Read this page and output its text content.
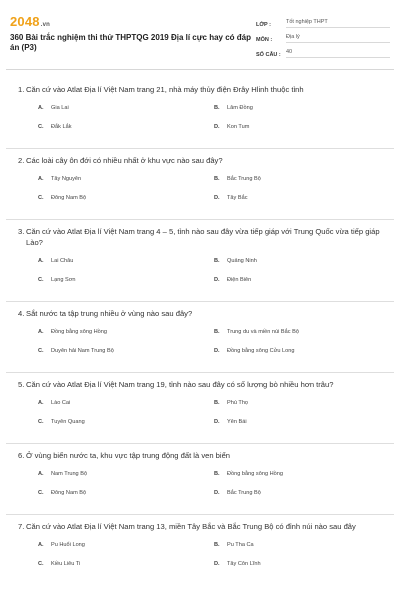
2048.vn
360 Bài trắc nghiệm thi thử THPTQG 2019 Địa lí cực hay có đáp án (P3)
LỚP :	Tốt nghiệp THPT
MÔN :	Địa lý
SỐ CÂU : 40
1. Căn cứ vào Atlat Địa lí Việt Nam trang 21, nhà máy thủy điện Đrây Hlinh thuộc tỉnh
A.	Gia Lai	B.	Lâm Đồng
C.	Đắk Lắk	D.	Kon Tum
2. Các loài cây ôn đới có nhiều nhất ở khu vực nào sau đây?
A.	Tây Nguyên	B.	Bắc Trung Bộ
C.	Đông Nam Bộ	D.	Tây Bắc
3. Căn cứ vào Atlat Địa lí Việt Nam trang 4 – 5, tỉnh nào sau đây vừa tiếp giáp với Trung Quốc vừa tiếp giáp Lào?
A.	Lai Châu	B.	Quảng Ninh
C.	Lạng Sơn	D.	Điện Biên
4. Sắt nước ta tập trung nhiều ở vùng nào sau đây?
A.	Đồng bằng sông Hồng	B.	Trung du và miền núi Bắc Bộ
C.	Duyên hải Nam Trung Bộ	D.	Đồng bằng sông Cửu Long
5. Căn cứ vào Atlat Địa lí Việt Nam trang 19, tỉnh nào sau đây có số lượng bò nhiều hơn trâu?
A.	Lào Cai	B.	Phú Thọ
C.	Tuyên Quang	D.	Yên Bái
6. Ở vùng biển nước ta, khu vực tập trung động đất là ven biển
A.	Nam Trung Bộ	B.	Đồng bằng sông Hồng
C.	Đông Nam Bộ	D.	Bắc Trung Bộ
7. Căn cứ vào Atlat Địa lí Việt Nam trang 13, miền Tây Bắc và Bắc Trung Bộ có đỉnh núi nào sau đây
A.	Pu Huổi Long	B.	Pu Tha Ca
C.	Kiều Liêu Ti	D.	Tây Côn Lĩnh
